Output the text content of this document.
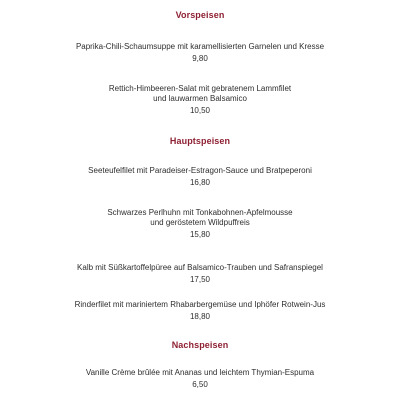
Vorspeisen
Paprika-Chili-Schaumsuppe mit karamellisierten Garnelen und Kresse
9,80
Rettich-Himbeeren-Salat mit gebratenem Lammfilet
und lauwarmen Balsamico
10,50
Hauptspeisen
Seeteufelfilet mit Paradeiser-Estragon-Sauce und Bratpeperoni
16,80
Schwarzes Perlhuhn mit Tonkabohnen-Apfelmousse
und geröstetem Wildpuffreis
15,80
Kalb mit Süßkartoffelpüree auf Balsamico-Trauben und Safranspiegel
17,50
Rinderfilet mit mariniertem Rhabarbergemüse und Iphöfer Rotwein-Jus
18,80
Nachspeisen
Vanille Crème brûlée mit Ananas und leichtem Thymian-Espuma
6,50
